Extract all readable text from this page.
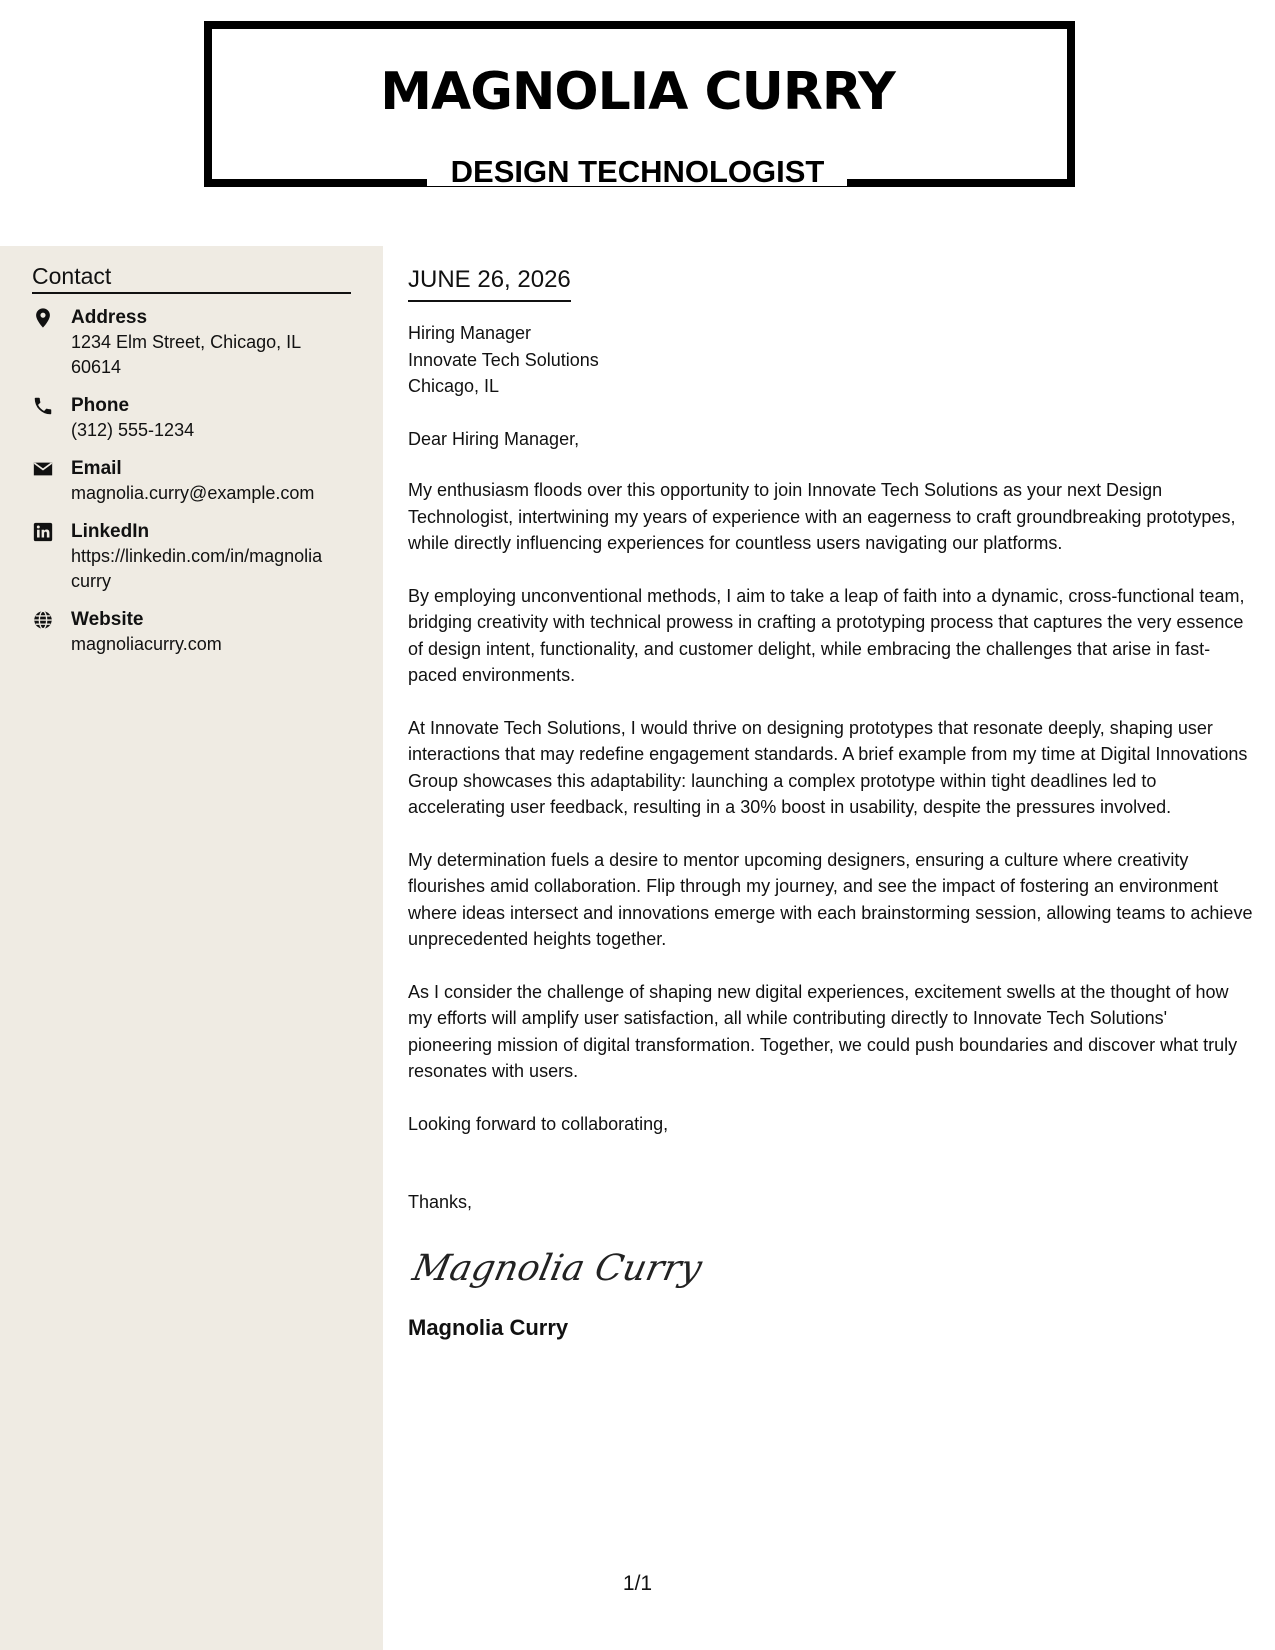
MAGNOLIA CURRY
DESIGN TECHNOLOGIST
Contact
Address
1234 Elm Street, Chicago, IL
60614
Phone
(312) 555-1234
Email
magnolia.curry@example.com
LinkedIn
https://linkedin.com/in/magnolia
curry
Website
magnoliacurry.com
JUNE 26, 2026
Hiring Manager
Innovate Tech Solutions
Chicago, IL

Dear Hiring Manager,

My enthusiasm floods over this opportunity to join Innovate Tech Solutions as your next Design Technologist, intertwining my years of experience with an eagerness to craft groundbreaking prototypes, while directly influencing experiences for countless users navigating our platforms.

By employing unconventional methods, I aim to take a leap of faith into a dynamic, cross-functional team, bridging creativity with technical prowess in crafting a prototyping process that captures the very essence of design intent, functionality, and customer delight, while embracing the challenges that arise in fast-paced environments.

At Innovate Tech Solutions, I would thrive on designing prototypes that resonate deeply, shaping user interactions that may redefine engagement standards. A brief example from my time at Digital Innovations Group showcases this adaptability: launching a complex prototype within tight deadlines led to accelerating user feedback, resulting in a 30% boost in usability, despite the pressures involved.

My determination fuels a desire to mentor upcoming designers, ensuring a culture where creativity flourishes amid collaboration. Flip through my journey, and see the impact of fostering an environment where ideas intersect and innovations emerge with each brainstorming session, allowing teams to achieve unprecedented heights together.

As I consider the challenge of shaping new digital experiences, excitement swells at the thought of how my efforts will amplify user satisfaction, all while contributing directly to Innovate Tech Solutions' pioneering mission of digital transformation. Together, we could push boundaries and discover what truly resonates with users.

Looking forward to collaborating,

Thanks,

Magnolia Curry
Magnolia Curry
1/1
